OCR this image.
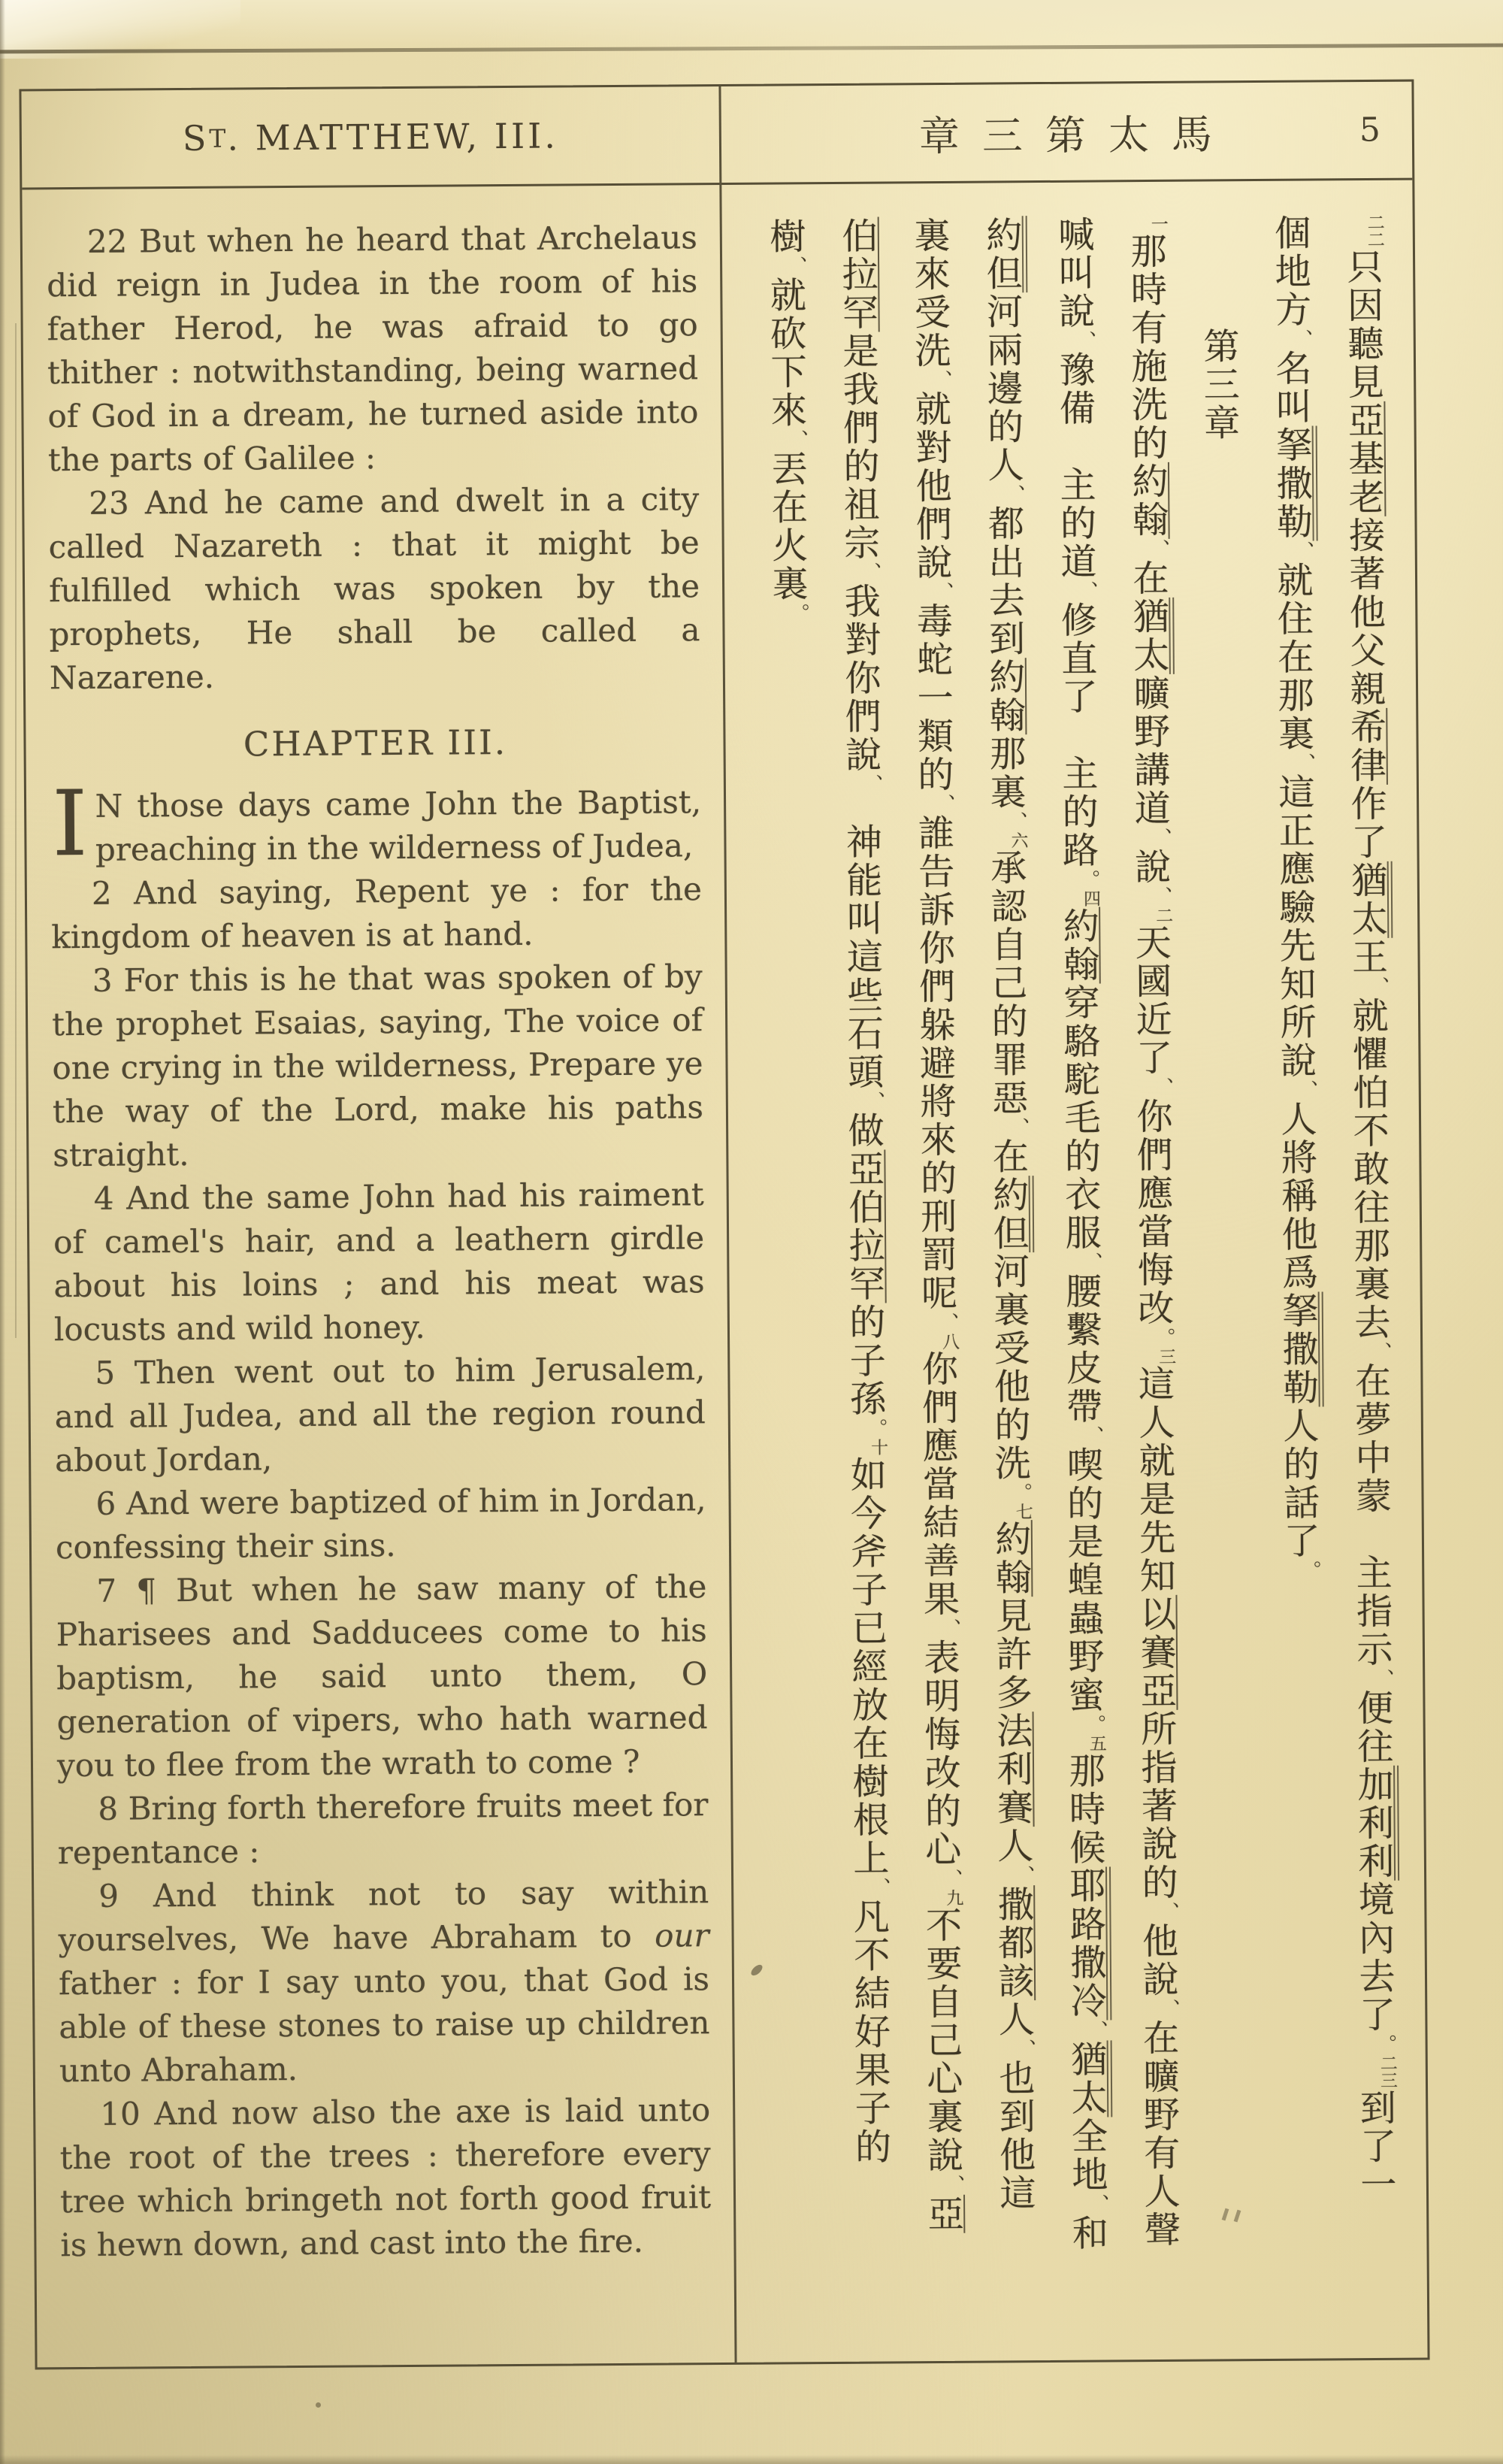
S T . MATTHEW, III.	章三第太馬	5

22 But when he heard that Archelaus did reign in Judea in the room of his father Herod, he was afraid to go thither : notwithstanding, being warned of God in a dream, he turned aside into the parts of Galilee :

23 And he came and dwelt in a city called Nazareth : that it might be fulfilled which was spoken by the prophets, He shall be called a Nazarene.

CHAPTER III.

I N those days came John the Baptist, preaching in the wilderness of Judea,

2 And saying, Repent ye : for the kingdom of heaven is at hand.

3 For this is he that was spoken of by the prophet Esaias, saying, The voice of one crying in the wilderness, Prepare ye the way of the Lord, make his paths straight.

4 And the same John had his raiment of camel's hair, and a leathern girdle about his loins ; and his meat was locusts and wild honey.

5 Then went out to him Jerusalem, and all Judea, and all the region round about Jordan,

6 And were baptized of him in Jordan, confessing their sins.

7 ¶ But when he saw many of the Pharisees and Sadducees come to his baptism, he said unto them, O generation of vipers, who hath warned you to flee from the wrath to come ?

8 Bring forth therefore fruits meet for repentance :

9 And think not to say within yourselves, We have Abraham to our father : for I say unto you, that God is able of these stones to raise up children unto Abraham.

10 And now also the axe is laid unto the root of the trees : therefore every tree which bringeth not forth good fruit is hewn down, and cast into the fire.

二二只因聽見亞基老接著他父親希律作了猶太王、就懼怕不敢往那裏去、在夢中蒙　主指示、便往加利利境內去了。二三到了一
個地方、名叫拏撒勒、就住在那裏、這正應驗先知所說、人將稱他爲拏撒勒人的話了。
第三章
一那時有施洗的約翰、在猶太曠野講道、說、二天國近了、你們應當悔改。三這人就是先知以賽亞所指著說的、他說、在曠野有人聲
喊叫說、豫備　主的道、修直了　主的路。四約翰穿駱駝毛的衣服、腰繫皮帶、喫的是蝗蟲野蜜。五那時候耶路撒冷、猶太全地、和
約但河兩邊的人、都出去到約翰那裏、六承認自己的罪惡、在約但河裏受他的洗。七約翰見許多法利賽人、撒都該人、也到他這
裏來受洗、就對他們說、毒蛇一類的、誰告訴你們躲避將來的刑罰呢、八你們應當結善果、表明悔改的心、九不要自己心裏說、亞
伯拉罕是我們的祖宗、我對你們說、　神能叫這些石頭、做亞伯拉罕的子孫。十如今斧子已經放在樹根上、凡不結好果子的
樹、就砍下來、丟在火裏。
